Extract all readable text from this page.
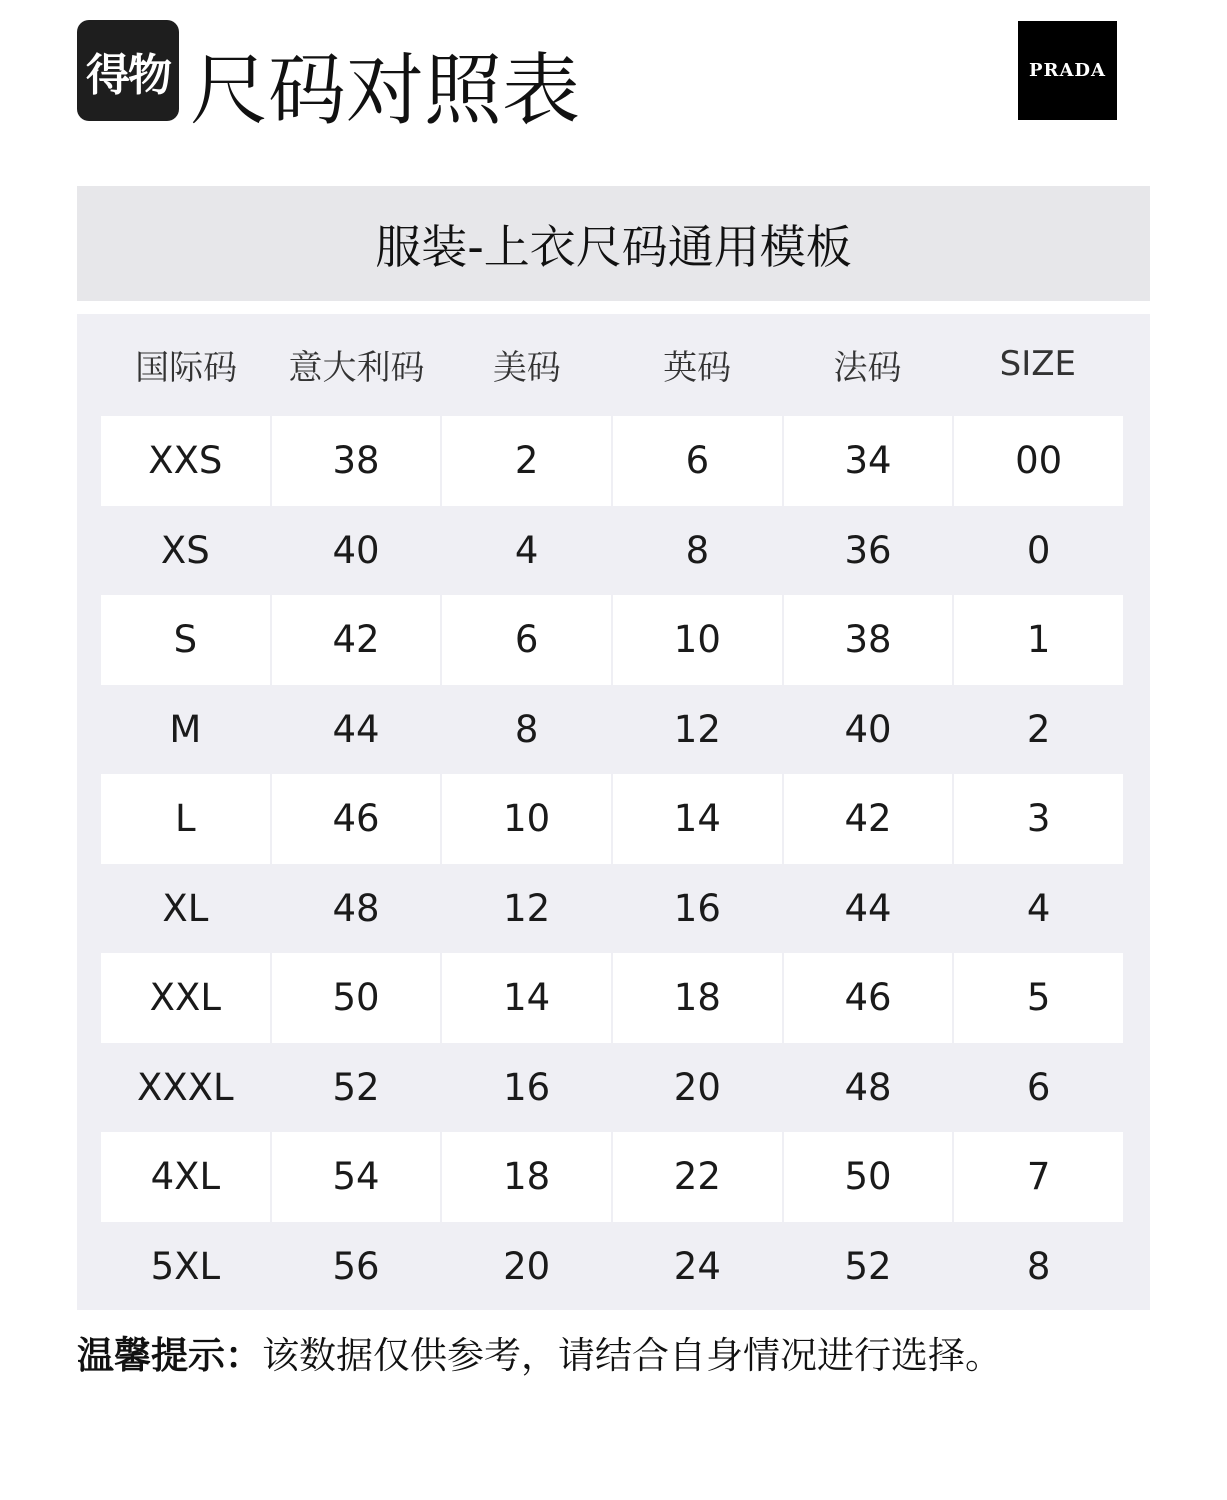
得物 尺码对照表	PRADA
服装-上衣尺码通用模板
国际码	意大利码	美码	英码	法码	SIZE
XXS	38	2	6	34	00
XS	40	4	8	36	0
S	42	6	10	38	1
M	44	8	12	40	2
L	46	10	14	42	3
XL	48	12	16	44	4
XXL	50	14	18	46	5
XXXL	52	16	20	48	6
4XL	54	18	22	50	7
5XL	56	20	24	52	8
温馨提示：该数据仅供参考，请结合自身情况进行选择。
